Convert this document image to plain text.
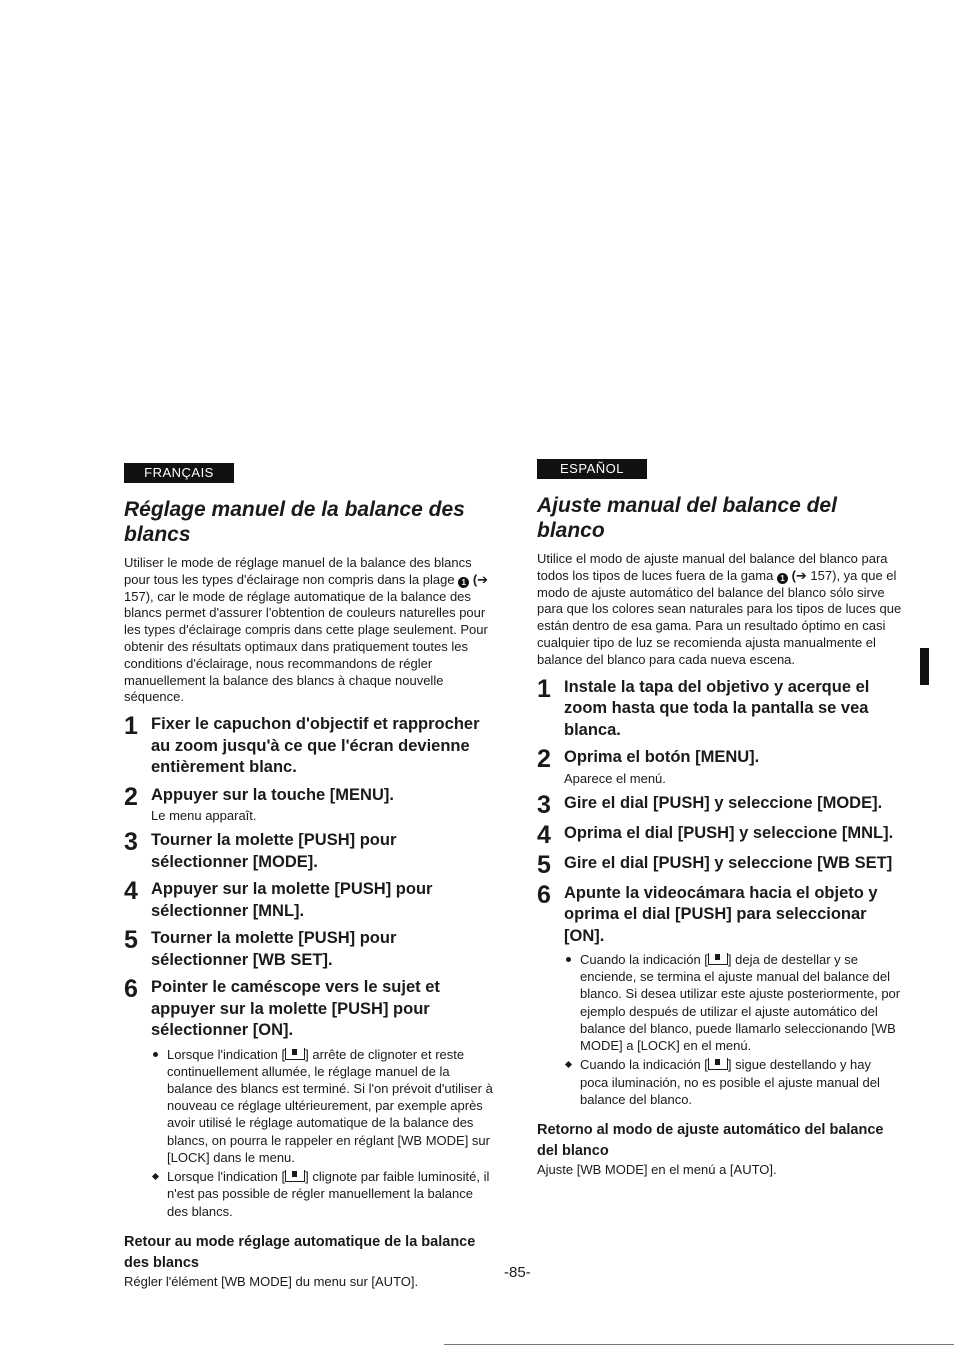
FRANÇAIS
Réglage manuel de la balance des blancs

Utiliser le mode de réglage manuel de la balance des blancs pour tous les types d'éclairage non compris dans la plage 1 (➔ 157), car le mode de réglage automatique de la balance des blancs permet d'assurer l'obtention de couleurs naturelles pour les types d'éclairage compris dans cette plage seulement. Pour obtenir des résultats optimaux dans pratiquement toutes les conditions d'éclairage, nous recommandons de régler manuellement la balance des blancs à chaque nouvelle séquence.

1 Fixer le capuchon d'objectif et rapprocher au zoom jusqu'à ce que l'écran devienne entièrement blanc.
2 Appuyer sur la touche [MENU].
Le menu apparaît.
3 Tourner la molette [PUSH] pour sélectionner [MODE].
4 Appuyer sur la molette [PUSH] pour sélectionner [MNL].
5 Tourner la molette [PUSH] pour sélectionner [WB SET].
6 Pointer le caméscope vers le sujet et appuyer sur la molette [PUSH] pour sélectionner [ON].
Lorsque l'indication [ ] arrête de clignoter et reste continuellement allumée, le réglage manuel de la balance des blancs est terminé. Si l'on prévoit d'utiliser à nouveau ce réglage ultérieurement, par exemple après avoir utilisé le réglage automatique de la balance des blancs, on pourra le rappeler en réglant [WB MODE] sur [LOCK] dans le menu.
Lorsque l'indication [ ] clignote par faible luminosité, il n'est pas possible de régler manuellement la balance des blancs.
Retour au mode réglage automatique de la balance des blancs
Régler l'élément [WB MODE] du menu sur [AUTO].
ESPAÑOL
Ajuste manual del balance del blanco

Utilice el modo de ajuste manual del balance del blanco para todos los tipos de luces fuera de la gama 1 (➔ 157), ya que el modo de ajuste automático del balance del blanco sólo sirve para que los colores sean naturales para los tipos de luces que están dentro de esa gama. Para un resultado óptimo en casi cualquier tipo de luz se recomienda ajusta manualmente el balance del blanco para cada nueva escena.

1 Instale la tapa del objetivo y acerque el zoom hasta que toda la pantalla se vea blanca.
2 Oprima el botón [MENU].
Aparece el menú.
3 Gire el dial [PUSH] y seleccione [MODE].
4 Oprima el dial [PUSH] y seleccione [MNL].
5 Gire el dial [PUSH] y seleccione [WB SET]
6 Apunte la videocámara hacia el objeto y oprima el dial [PUSH] para seleccionar [ON].
Cuando la indicación [ ] deja de destellar y se enciende, se termina el ajuste manual del balance del blanco. Si desea utilizar este ajuste posteriormente, por ejemplo después de utilizar el ajuste automático del balance del blanco, puede llamarlo seleccionando [WB MODE] a [LOCK] en el menú.
Cuando la indicación [ ] sigue destellando y hay poca iluminación, no es posible el ajuste manual del balance del blanco.
Retorno al modo de ajuste automático del balance del blanco
Ajuste [WB MODE] en el menú a [AUTO].
-85-
